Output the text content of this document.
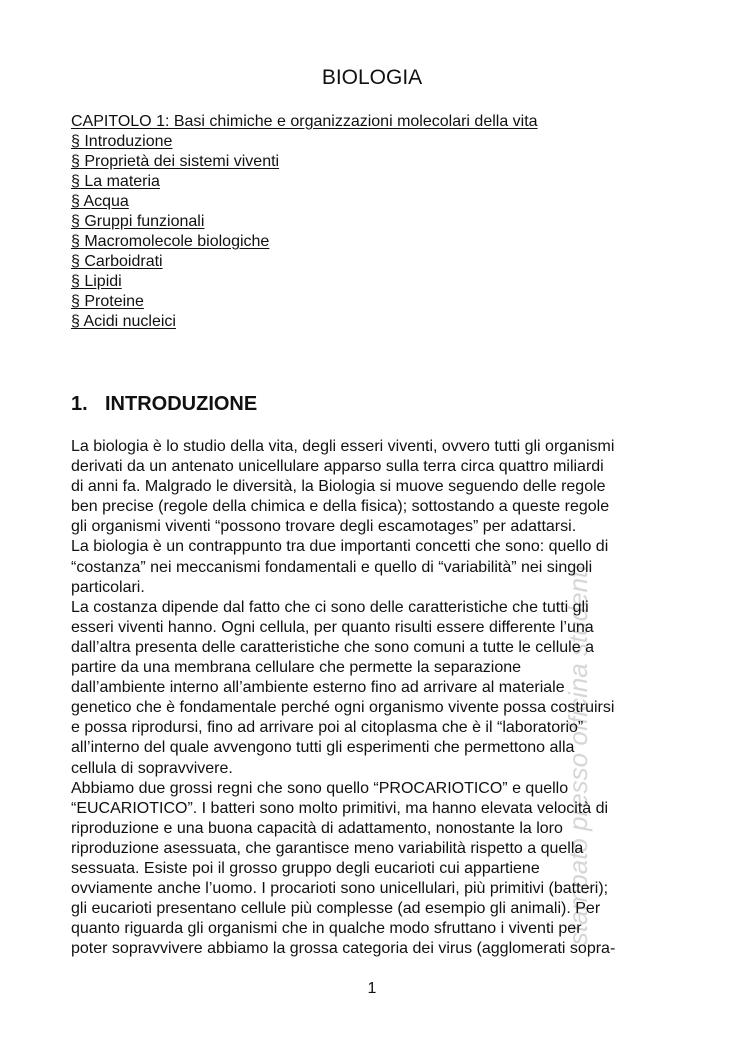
stampato presso officina studenti
BIOLOGIA
CAPITOLO 1: Basi chimiche e organizzazioni molecolari della vita
§ Introduzione
§ Proprietà dei sistemi viventi
§ La materia
§ Acqua
§ Gruppi funzionali
§ Macromolecole biologiche
§ Carboidrati
§ Lipidi
§ Proteine
§ Acidi nucleici
1. INTRODUZIONE
La biologia è lo studio della vita, degli esseri viventi, ovvero tutti gli organismi
derivati da un antenato unicellulare apparso sulla terra circa quattro miliardi
di anni fa. Malgrado le diversità, la Biologia si muove seguendo delle regole
ben precise (regole della chimica e della fisica); sottostando a queste regole
gli organismi viventi “possono trovare degli escamotages” per adattarsi.
La biologia è un contrappunto tra due importanti concetti che sono: quello di
“costanza” nei meccanismi fondamentali e quello di “variabilità” nei singoli
particolari.
La costanza dipende dal fatto che ci sono delle caratteristiche che tutti gli
esseri viventi hanno. Ogni cellula, per quanto risulti essere differente l’una
dall’altra presenta delle caratteristiche che sono comuni a tutte le cellule a
partire da una membrana cellulare che permette la separazione
dall’ambiente interno all’ambiente esterno fino ad arrivare al materiale
genetico che è fondamentale perché ogni organismo vivente possa costruirsi
e possa riprodursi, fino ad arrivare poi al citoplasma che è il “laboratorio”
all’interno del quale avvengono tutti gli esperimenti che permettono alla
cellula di sopravvivere.
Abbiamo due grossi regni che sono quello “PROCARIOTICO” e quello
“EUCARIOTICO”. I batteri sono molto primitivi, ma hanno elevata velocità di
riproduzione e una buona capacità di adattamento, nonostante la loro
riproduzione asessuata, che garantisce meno variabilità rispetto a quella
sessuata. Esiste poi il grosso gruppo degli eucarioti cui appartiene
ovviamente anche l’uomo. I procarioti sono unicellulari, più primitivi (batteri);
gli eucarioti presentano cellule più complesse (ad esempio gli animali). Per
quanto riguarda gli organismi che in qualche modo sfruttano i viventi per
poter sopravvivere abbiamo la grossa categoria dei virus (agglomerati sopra-
1
